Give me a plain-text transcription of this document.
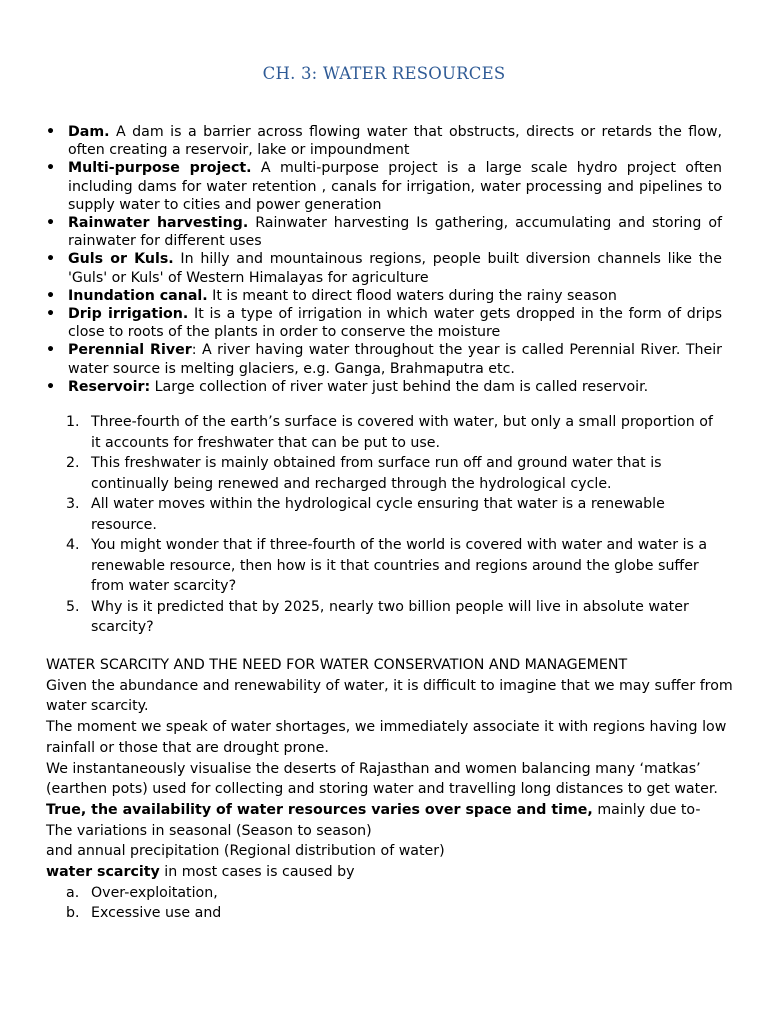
CH. 3: WATER RESOURCES
• Dam. A dam is a barrier across flowing water that obstructs, directs or retards the flow, often creating a reservoir, lake or impoundment
• Multi-purpose project. A multi-purpose project is a large scale hydro project often including dams for water retention , canals for irrigation, water processing and pipelines to supply water to cities and power generation
• Rainwater harvesting. Rainwater harvesting Is gathering, accumulating and storing of rainwater for different uses
• Guls or Kuls. In hilly and mountainous regions, people built diversion channels like the 'Guls' or Kuls' of Western Himalayas for agriculture
• Inundation canal. It is meant to direct flood waters during the rainy season
• Drip irrigation. It is a type of irrigation in which water gets dropped in the form of drips close to roots of the plants in order to conserve the moisture
• Perennial River: A river having water throughout the year is called Perennial River. Their water source is melting glaciers, e.g. Ganga, Brahmaputra etc.
• Reservoir: Large collection of river water just behind the dam is called reservoir.
1. Three-fourth of the earth’s surface is covered with water, but only a small proportion of it accounts for freshwater that can be put to use.
2. This freshwater is mainly obtained from surface run off and ground water that is continually being renewed and recharged through the hydrological cycle.
3. All water moves within the hydrological cycle ensuring that water is a renewable resource.
4. You might wonder that if three-fourth of the world is covered with water and water is a renewable resource, then how is it that countries and regions around the globe suffer from water scarcity?
5. Why is it predicted that by 2025, nearly two billion people will live in absolute water scarcity?

WATER SCARCITY AND THE NEED FOR WATER CONSERVATION AND MANAGEMENT

Given the abundance and renewability of water, it is difficult to imagine that we may suffer from water scarcity.

The moment we speak of water shortages, we immediately associate it with regions having low rainfall or those that are drought prone.

We instantaneously visualise the deserts of Rajasthan and women balancing many ‘matkas’ (earthen pots) used for collecting and storing water and travelling long distances to get water.

True, the availability of water resources varies over space and time, mainly due to-

The variations in seasonal (Season to season)

and annual precipitation (Regional distribution of water)

water scarcity in most cases is caused by

a. Over-exploitation,
b. Excessive use and
